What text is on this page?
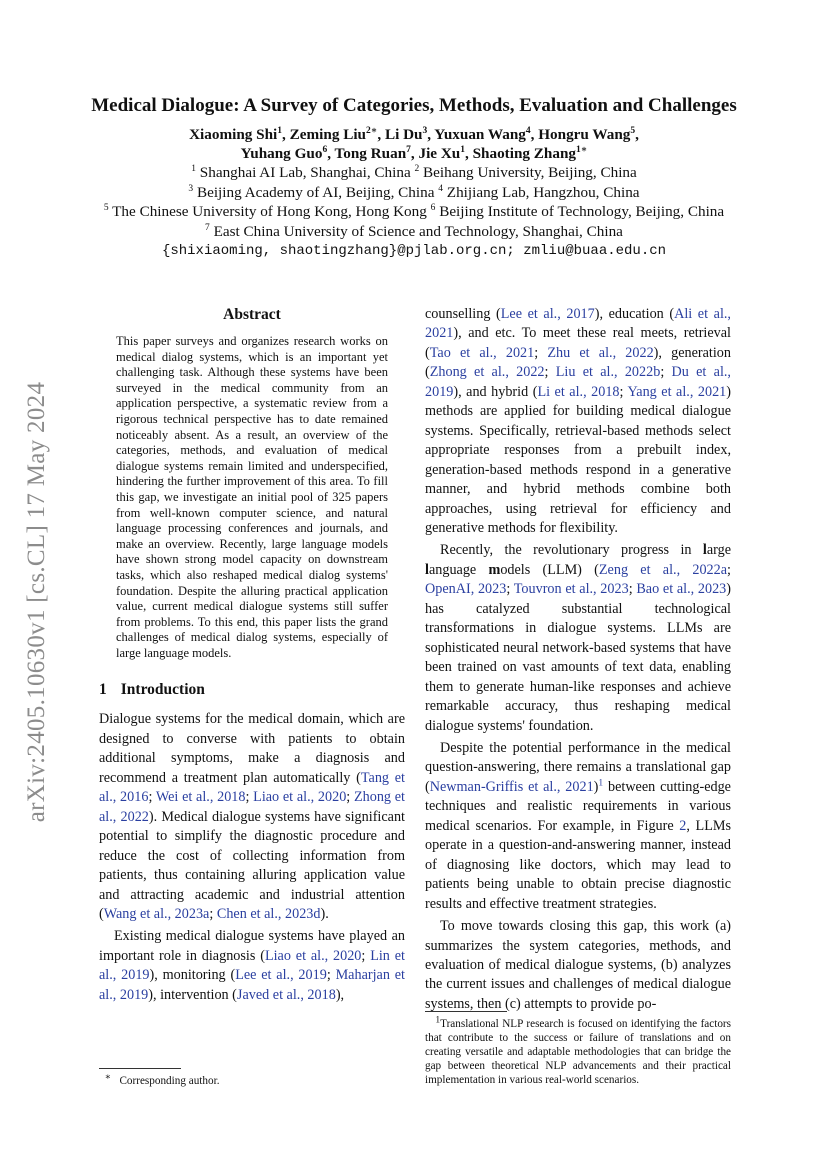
arXiv:2405.10630v1 [cs.CL] 17 May 2024
Medical Dialogue: A Survey of Categories, Methods, Evaluation and Challenges
Xiaoming Shi$^1$, Zeming Liu$^{2∗}$, Li Du$^3$, Yuxuan Wang$^4$, Hongru Wang$^5$,
Yuhang Guo$^6$, Tong Ruan$^7$, Jie Xu$^1$, Shaoting Zhang$^{1∗}$
$^1$ Shanghai AI Lab, Shanghai, China $^2$ Beihang University, Beijing, China
$^3$ Beijing Academy of AI, Beijing, China $^4$ Zhijiang Lab, Hangzhou, China
$^5$ The Chinese University of Hong Kong, Hong Kong $^6$ Beijing Institute of Technology, Beijing, China
$^7$ East China University of Science and Technology, Shanghai, China
{shixiaoming, shaotingzhang}@pjlab.org.cn; zmliu@buaa.edu.cn
Abstract

This paper surveys and organizes research works on medical dialog systems, which is an important yet challenging task. Although these systems have been surveyed in the medical community from an application perspective, a systematic review from a rigorous technical perspective has to date remained noticeably absent. As a result, an overview of the categories, methods, and evaluation of medical dialogue systems remain limited and underspecified, hindering the further improvement of this area. To fill this gap, we investigate an initial pool of 325 papers from well-known computer science, and natural language processing conferences and journals, and make an overview. Recently, large language models have shown strong model capacity on downstream tasks, which also reshaped medical dialog systems' foundation. Despite the alluring practical application value, current medical dialogue systems still suffer from problems. To this end, this paper lists the grand challenges of medical dialog systems, especially of large language models.

1 Introduction

Dialogue systems for the medical domain, which are designed to converse with patients to obtain additional symptoms, make a diagnosis and recommend a treatment plan automatically (Tang et al., 2016; Wei et al., 2018; Liao et al., 2020; Zhong et al., 2022). Medical dialogue systems have significant potential to simplify the diagnostic procedure and reduce the cost of collecting information from patients, thus containing alluring application value and attracting academic and industrial attention (Wang et al., 2023a; Chen et al., 2023d).

Existing medical dialogue systems have played an important role in diagnosis (Liao et al., 2020; Lin et al., 2019), monitoring (Lee et al., 2019; Maharjan et al., 2019), intervention (Javed et al., 2018),

∗ Corresponding author.

counselling (Lee et al., 2017), education (Ali et al., 2021), and etc. To meet these real meets, retrieval (Tao et al., 2021; Zhu et al., 2022), generation (Zhong et al., 2022; Liu et al., 2022b; Du et al., 2019), and hybrid (Li et al., 2018; Yang et al., 2021) methods are applied for building medical dialogue systems. Specifically, retrieval-based methods select appropriate responses from a prebuilt index, generation-based methods respond in a generative manner, and hybrid methods combine both approaches, using retrieval for efficiency and generative methods for flexibility.

Recently, the revolutionary progress in large language models (LLM) (Zeng et al., 2022a; OpenAI, 2023; Touvron et al., 2023; Bao et al., 2023) has catalyzed substantial technological transformations in dialogue systems. LLMs are sophisticated neural network-based systems that have been trained on vast amounts of text data, enabling them to generate human-like responses and achieve remarkable accuracy, thus reshaping medical dialogue systems' foundation.

Despite the potential performance in the medical question-answering, there remains a translational gap (Newman-Griffis et al., 2021)$^1$ between cutting-edge techniques and realistic requirements in various medical scenarios. For example, in Figure 2, LLMs operate in a question-and-answering manner, instead of diagnosing like doctors, which may lead to patients being unable to obtain precise diagnostic results and effective treatment strategies.

To move towards closing this gap, this work (a) summarizes the system categories, methods, and evaluation of medical dialogue systems, (b) analyzes the current issues and challenges of medical dialogue systems, then (c) attempts to provide po-

$^1$Translational NLP research is focused on identifying the factors that contribute to the success or failure of translations and on creating versatile and adaptable methodologies that can bridge the gap between theoretical NLP advancements and their practical implementation in various real-world scenarios.
